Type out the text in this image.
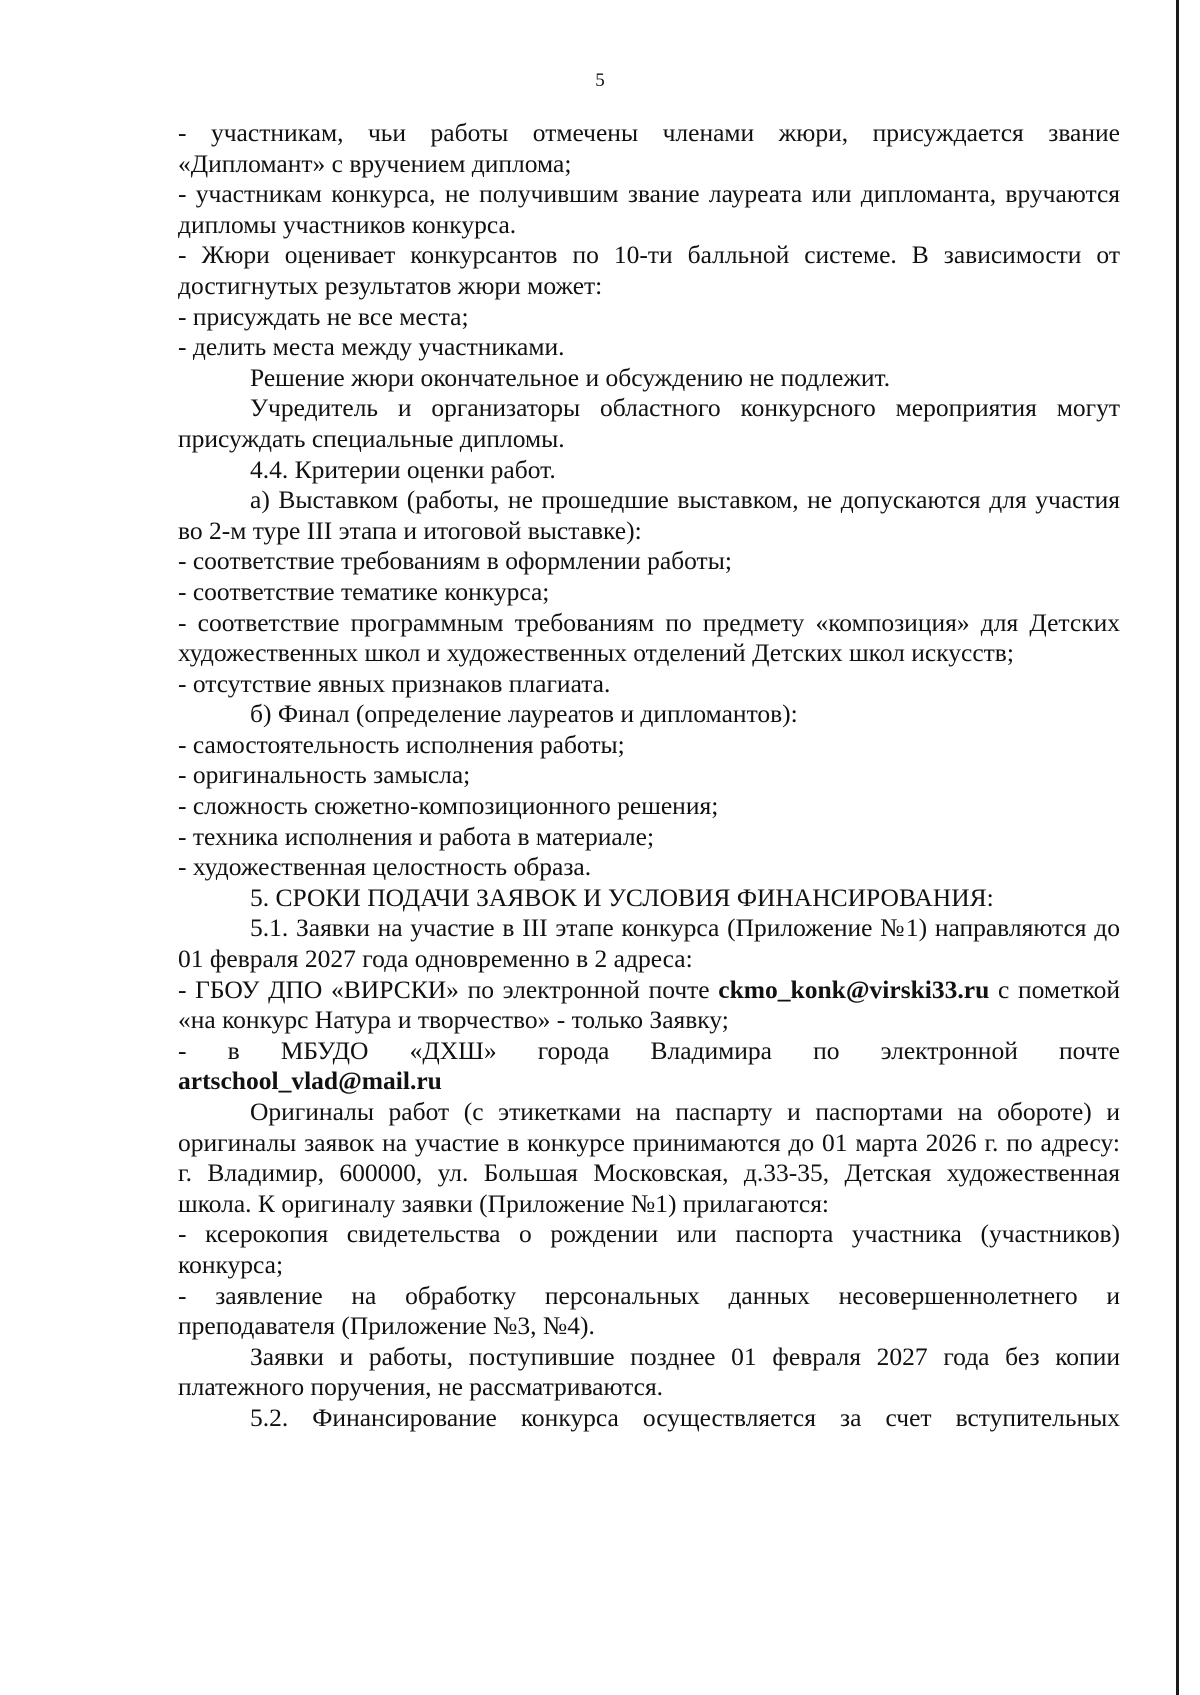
5

- участникам, чьи работы отмечены членами жюри, присуждается звание «Дипломант» с вручением диплома;

- участникам конкурса, не получившим звание лауреата или дипломанта, вручаются дипломы участников конкурса.

- Жюри оценивает конкурсантов по 10-ти балльной системе. В зависимости от достигнутых результатов жюри может:

- присуждать не все места;

- делить места между участниками.

Решение жюри окончательное и обсуждению не подлежит.

Учредитель и организаторы областного конкурсного мероприятия могут присуждать специальные дипломы.

4.4. Критерии оценки работ.

а) Выставком (работы, не прошедшие выставком, не допускаются для участия во 2-м туре III этапа и итоговой выставке):

- соответствие требованиям в оформлении работы;

- соответствие тематике конкурса;

- соответствие программным требованиям по предмету «композиция» для Детских художественных школ и художественных отделений Детских школ искусств;

- отсутствие явных признаков плагиата.

б) Финал (определение лауреатов и дипломантов):

- самостоятельность исполнения работы;

- оригинальность замысла;

- сложность сюжетно-композиционного решения;

- техника исполнения и работа в материале;

- художественная целостность образа.

5. СРОКИ ПОДАЧИ ЗАЯВОК И УСЛОВИЯ ФИНАНСИРОВАНИЯ:

5.1. Заявки на участие в III этапе конкурса (Приложение №1) направляются до 01 февраля 2027 года одновременно в 2 адреса:

- ГБОУ ДПО «ВИРСКИ» по электронной почте ckmo_konk@virski33.ru с пометкой «на конкурс Натура и творчество» - только Заявку;

- в МБУДО «ДХШ» города Владимира по электронной почте

artschool_vlad@mail.ru

Оригиналы работ (с этикетками на паспарту и паспортами на обороте) и оригиналы заявок на участие в конкурсе принимаются до 01 марта 2026 г. по адресу: г. Владимир, 600000, ул. Большая Московская, д.33-35, Детская художественная школа. К оригиналу заявки (Приложение №1) прилагаются:

- ксерокопия свидетельства о рождении или паспорта участника (участников) конкурса;

- заявление на обработку персональных данных несовершеннолетнего и преподавателя (Приложение №3, №4).

Заявки и работы, поступившие позднее 01 февраля 2027 года без копии платежного поручения, не рассматриваются.

5.2. Финансирование конкурса осуществляется за счет вступительных
